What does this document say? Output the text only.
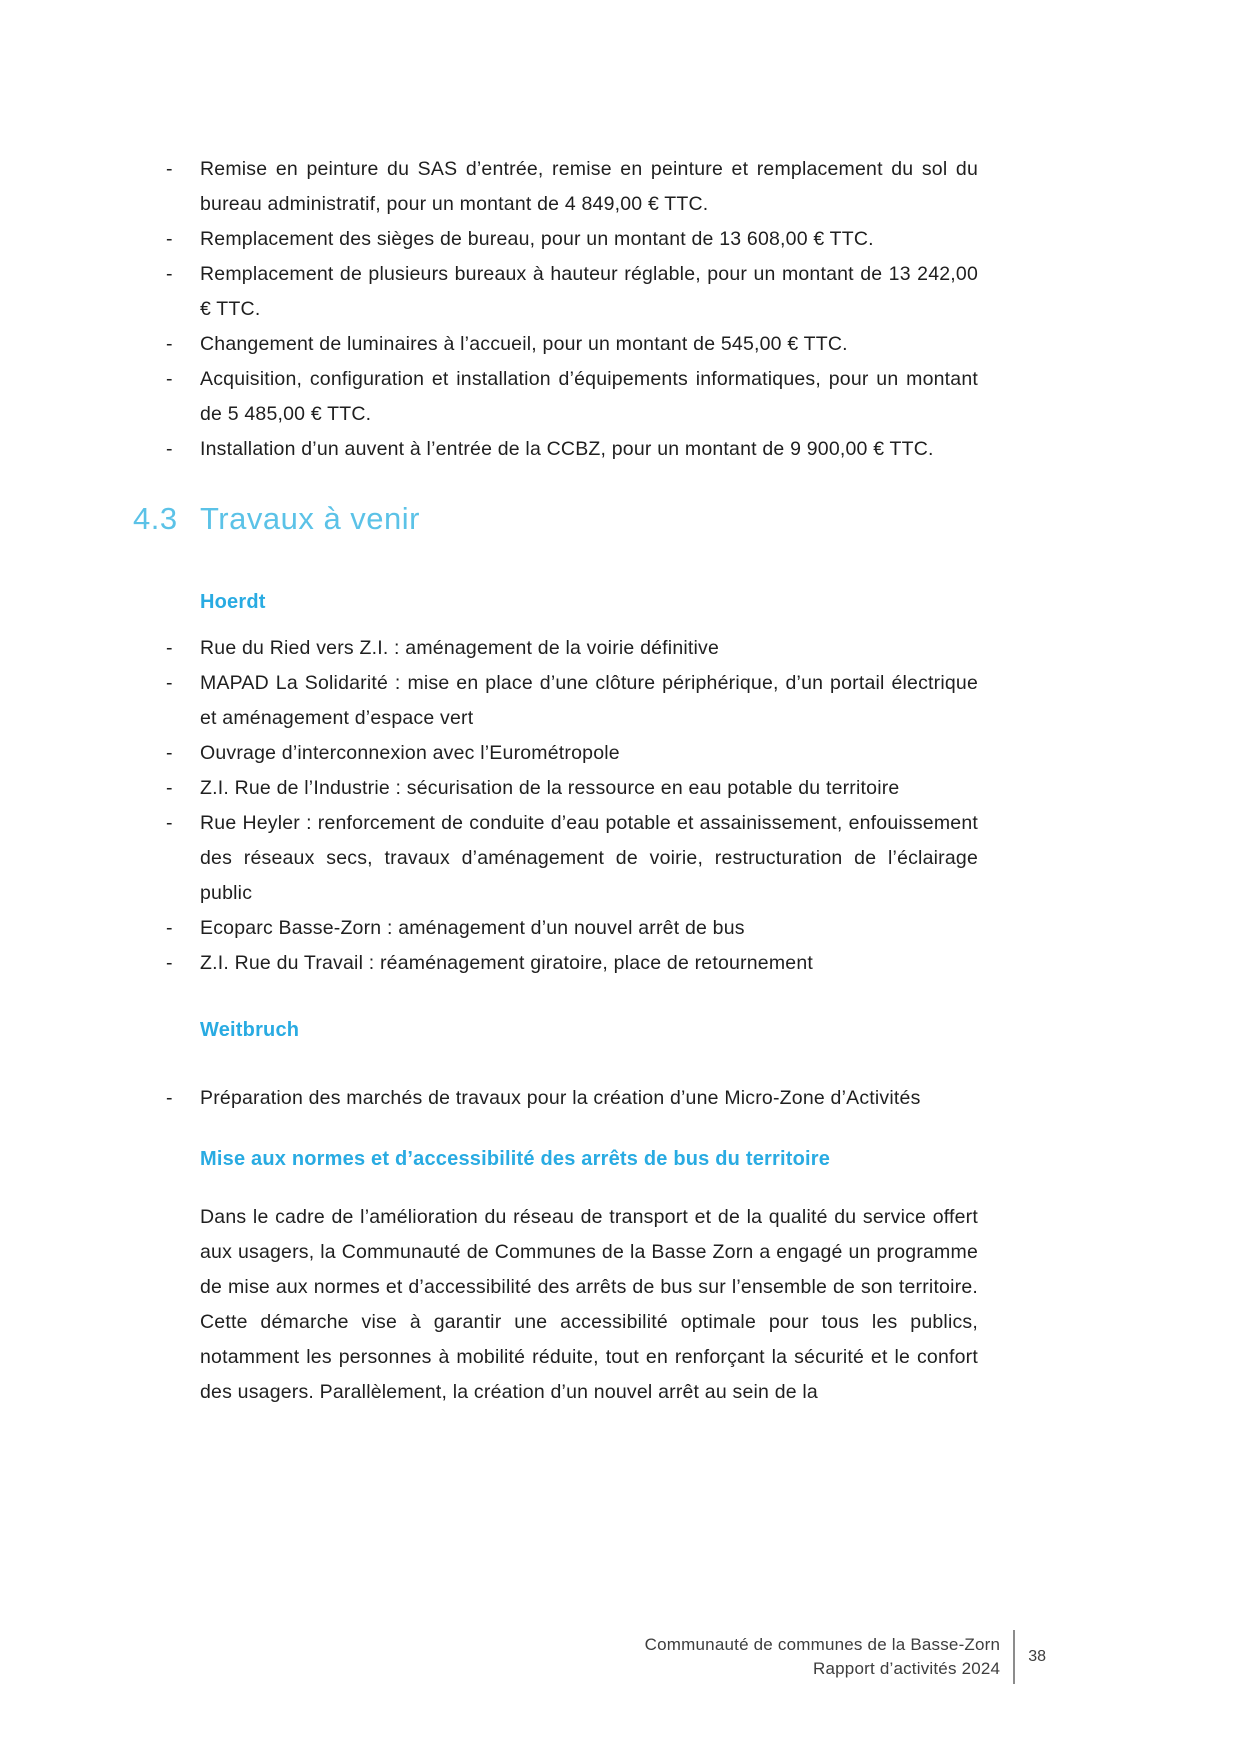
-	Remise en peinture du SAS d’entrée, remise en peinture et remplacement du sol du bureau administratif, pour un montant de 4 849,00 € TTC.
-	Remplacement des sièges de bureau, pour un montant de 13 608,00 € TTC.
-	Remplacement de plusieurs bureaux à hauteur réglable, pour un montant de 13 242,00 € TTC.
-	Changement de luminaires à l’accueil, pour un montant de 545,00 € TTC.
-	Acquisition, configuration et installation d’équipements informatiques, pour un montant de 5 485,00 € TTC.
-	Installation d’un auvent à l’entrée de la CCBZ, pour un montant de 9 900,00 € TTC.
4.3 Travaux à venir
Hoerdt
-	Rue du Ried vers Z.I. : aménagement de la voirie définitive
-	MAPAD La Solidarité : mise en place d’une clôture périphérique, d’un portail électrique et aménagement d’espace vert
-	Ouvrage d’interconnexion avec l’Eurométropole
-	Z.I. Rue de l’Industrie : sécurisation de la ressource en eau potable du territoire
-	Rue Heyler : renforcement de conduite d’eau potable et assainissement, enfouissement des réseaux secs, travaux d’aménagement de voirie, restructuration de l’éclairage public
-	Ecoparc Basse-Zorn : aménagement d’un nouvel arrêt de bus
-	Z.I. Rue du Travail : réaménagement giratoire, place de retournement
Weitbruch
-	Préparation des marchés de travaux pour la création d’une Micro-Zone d’Activités
Mise aux normes et d’accessibilité des arrêts de bus du territoire
Dans le cadre de l’amélioration du réseau de transport et de la qualité du service offert aux usagers, la Communauté de Communes de la Basse Zorn a engagé un programme de mise aux normes et d’accessibilité des arrêts de bus sur l’ensemble de son territoire. Cette démarche vise à garantir une accessibilité optimale pour tous les publics, notamment les personnes à mobilité réduite, tout en renforçant la sécurité et le confort des usagers. Parallèlement, la création d’un nouvel arrêt au sein de la
Communauté de communes de la Basse-Zorn
Rapport d’activités 2024
38
